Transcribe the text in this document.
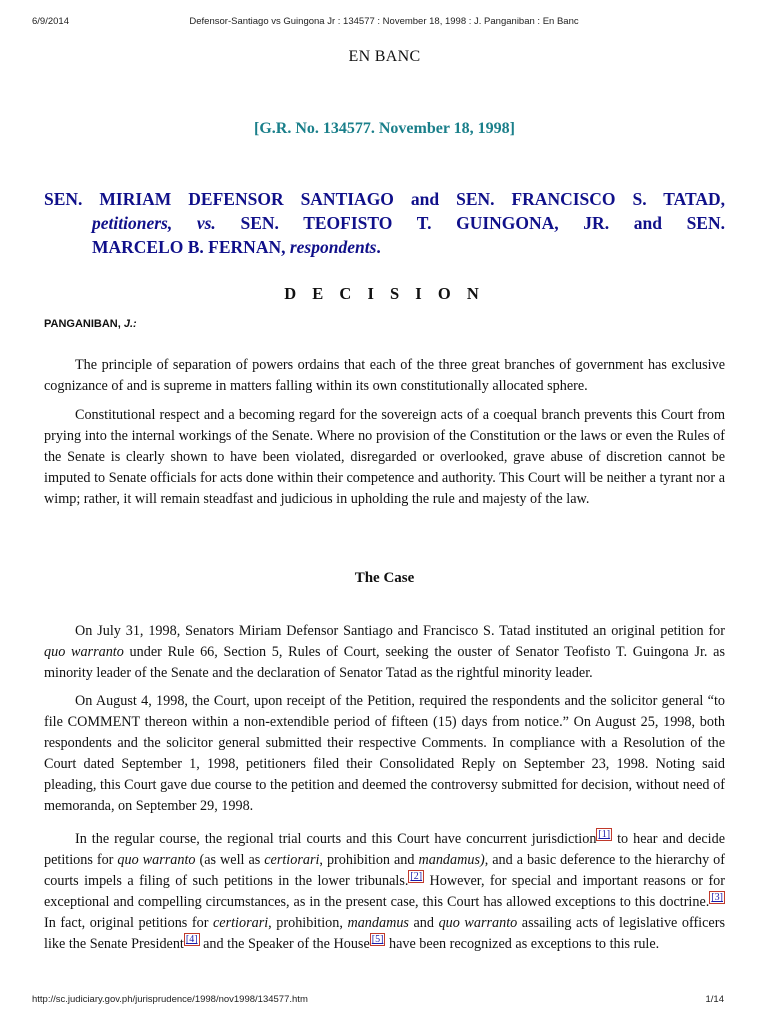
6/9/2014	Defensor-Santiago vs Guingona Jr : 134577 : November 18, 1998 : J. Panganiban : En Banc
EN BANC
[G.R. No. 134577. November 18, 1998]
SEN. MIRIAM DEFENSOR SANTIAGO and SEN. FRANCISCO S. TATAD,
petitioners, vs. SEN. TEOFISTO T. GUINGONA, JR. and SEN.
MARCELO B. FERNAN, respondents.
D E C I S I O N
PANGANIBAN, J.:

The principle of separation of powers ordains that each of the three great branches of government has exclusive cognizance of and is supreme in matters falling within its own constitutionally allocated sphere.

Constitutional respect and a becoming regard for the sovereign acts of a coequal branch prevents this Court from prying into the internal workings of the Senate. Where no provision of the Constitution or the laws or even the Rules of the Senate is clearly shown to have been violated, disregarded or overlooked, grave abuse of discretion cannot be imputed to Senate officials for acts done within their competence and authority. This Court will be neither a tyrant nor a wimp; rather, it will remain steadfast and judicious in upholding the rule and majesty of the law.

The Case

On July 31, 1998, Senators Miriam Defensor Santiago and Francisco S. Tatad instituted an original petition for quo warranto under Rule 66, Section 5, Rules of Court, seeking the ouster of Senator Teofisto T. Guingona Jr. as minority leader of the Senate and the declaration of Senator Tatad as the rightful minority leader.

On August 4, 1998, the Court, upon receipt of the Petition, required the respondents and the solicitor general “to file COMMENT thereon within a non-extendible period of fifteen (15) days from notice.” On August 25, 1998, both respondents and the solicitor general submitted their respective Comments. In compliance with a Resolution of the Court dated September 1, 1998, petitioners filed their Consolidated Reply on September 23, 1998. Noting said pleading, this Court gave due course to the petition and deemed the controversy submitted for decision, without need of memoranda, on September 29, 1998.

In the regular course, the regional trial courts and this Court have concurrent jurisdiction [1] to hear and decide petitions for quo warranto (as well as certiorari, prohibition and mandamus), and a basic deference to the hierarchy of courts impels a filing of such petitions in the lower tribunals. [2] However, for special and important reasons or for exceptional and compelling circumstances, as in the present case, this Court has allowed exceptions to this doctrine. [3] In fact, original petitions for certiorari, prohibition, mandamus and quo warranto assailing acts of legislative officers like the Senate President [4] and the Speaker of the House [5] have been recognized as exceptions to this rule.

http://sc.judiciary.gov.ph/jurisprudence/1998/nov1998/134577.htm	1/14
